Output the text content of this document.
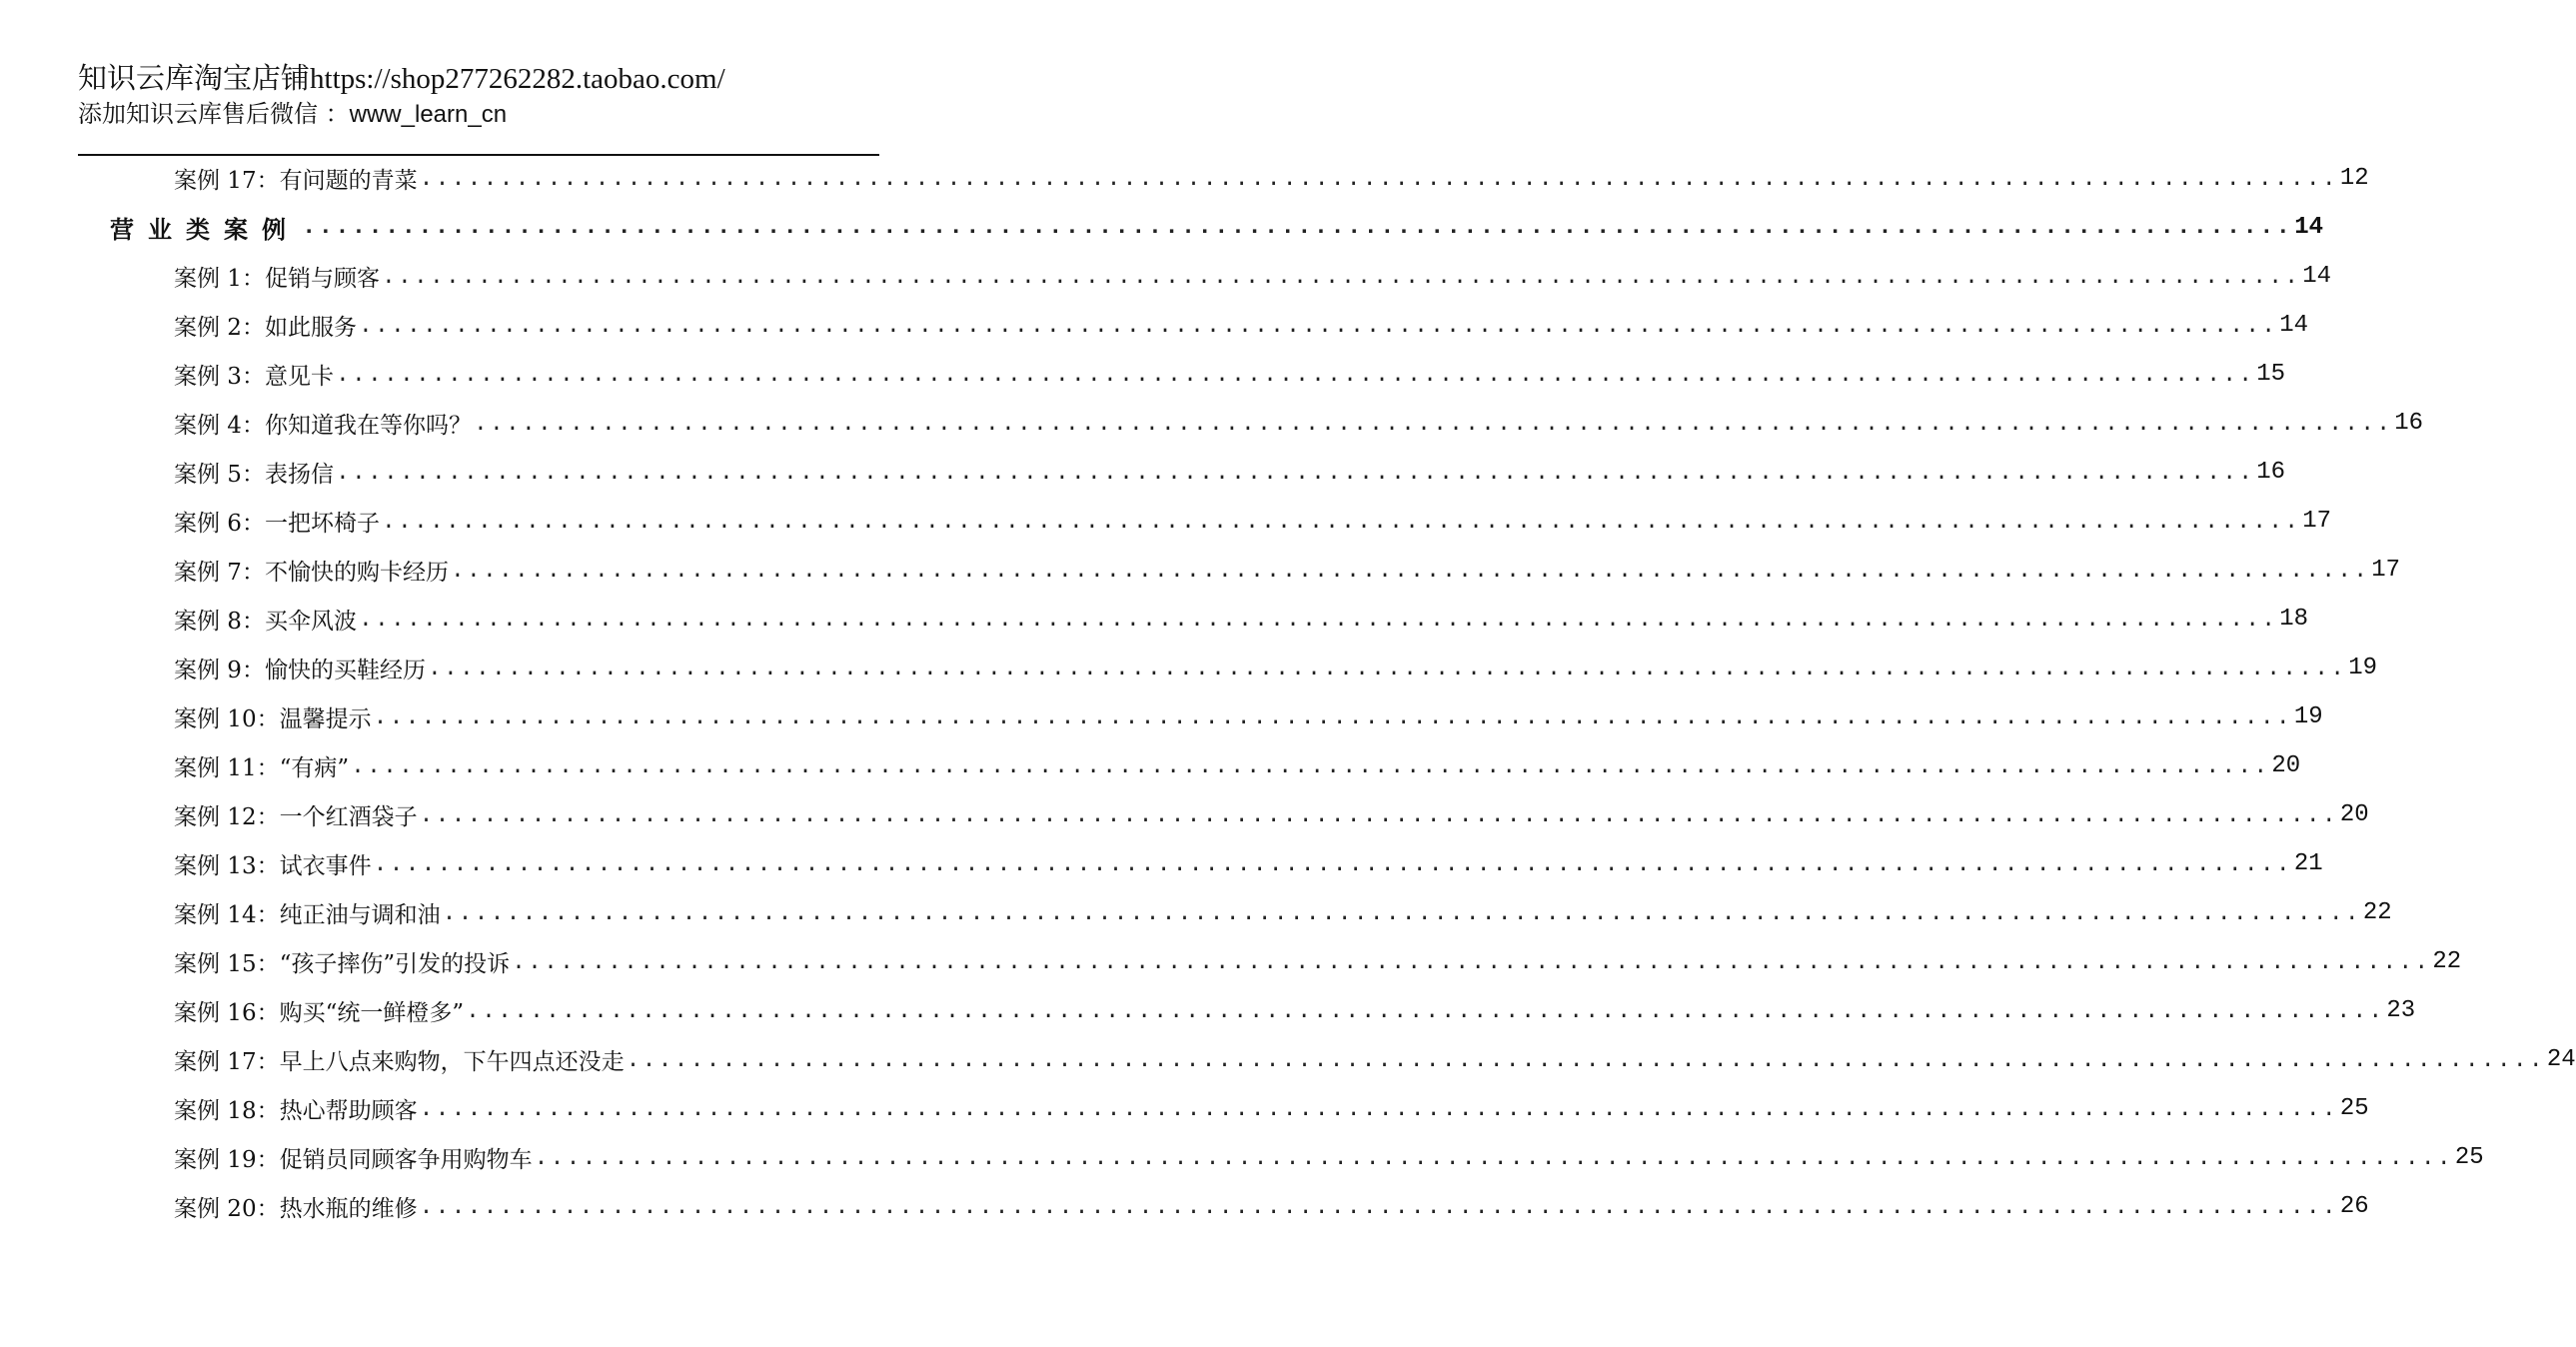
知识云库淘宝店铺https://shop277262282.taobao.com/
添加知识云库售后微信 ：www_learn_cn
案例 17：有问题的青菜 ........................................................................................................................ 12
营业类案例 ........................................................................................................................ 14
案例 1：促销与顾客 ........................................................................................................................ 14
案例 2：如此服务 ........................................................................................................................ 14
案例 3：意见卡 ........................................................................................................................ 15
案例 4：你知道我在等你吗？ ........................................................................................................................ 16
案例 5：表扬信 ........................................................................................................................ 16
案例 6：一把坏椅子 ........................................................................................................................ 17
案例 7：不愉快的购卡经历 ........................................................................................................................ 17
案例 8：买伞风波 ........................................................................................................................ 18
案例 9：愉快的买鞋经历 ........................................................................................................................ 19
案例 10：温馨提示 ........................................................................................................................ 19
案例 11：“有病” ........................................................................................................................ 20
案例 12：一个红酒袋子 ........................................................................................................................ 20
案例 13：试衣事件 ........................................................................................................................ 21
案例 14：纯正油与调和油 ........................................................................................................................ 22
案例 15：“孩子摔伤”引发的投诉 ........................................................................................................................ 22
案例 16：购买“统一鲜橙多” ........................................................................................................................ 23
案例 17：早上八点来购物，下午四点还没走 ........................................................................................................................ 24
案例 18：热心帮助顾客 ........................................................................................................................ 25
案例 19：促销员同顾客争用购物车 ........................................................................................................................ 25
案例 20：热水瓶的维修 ........................................................................................................................ 26
